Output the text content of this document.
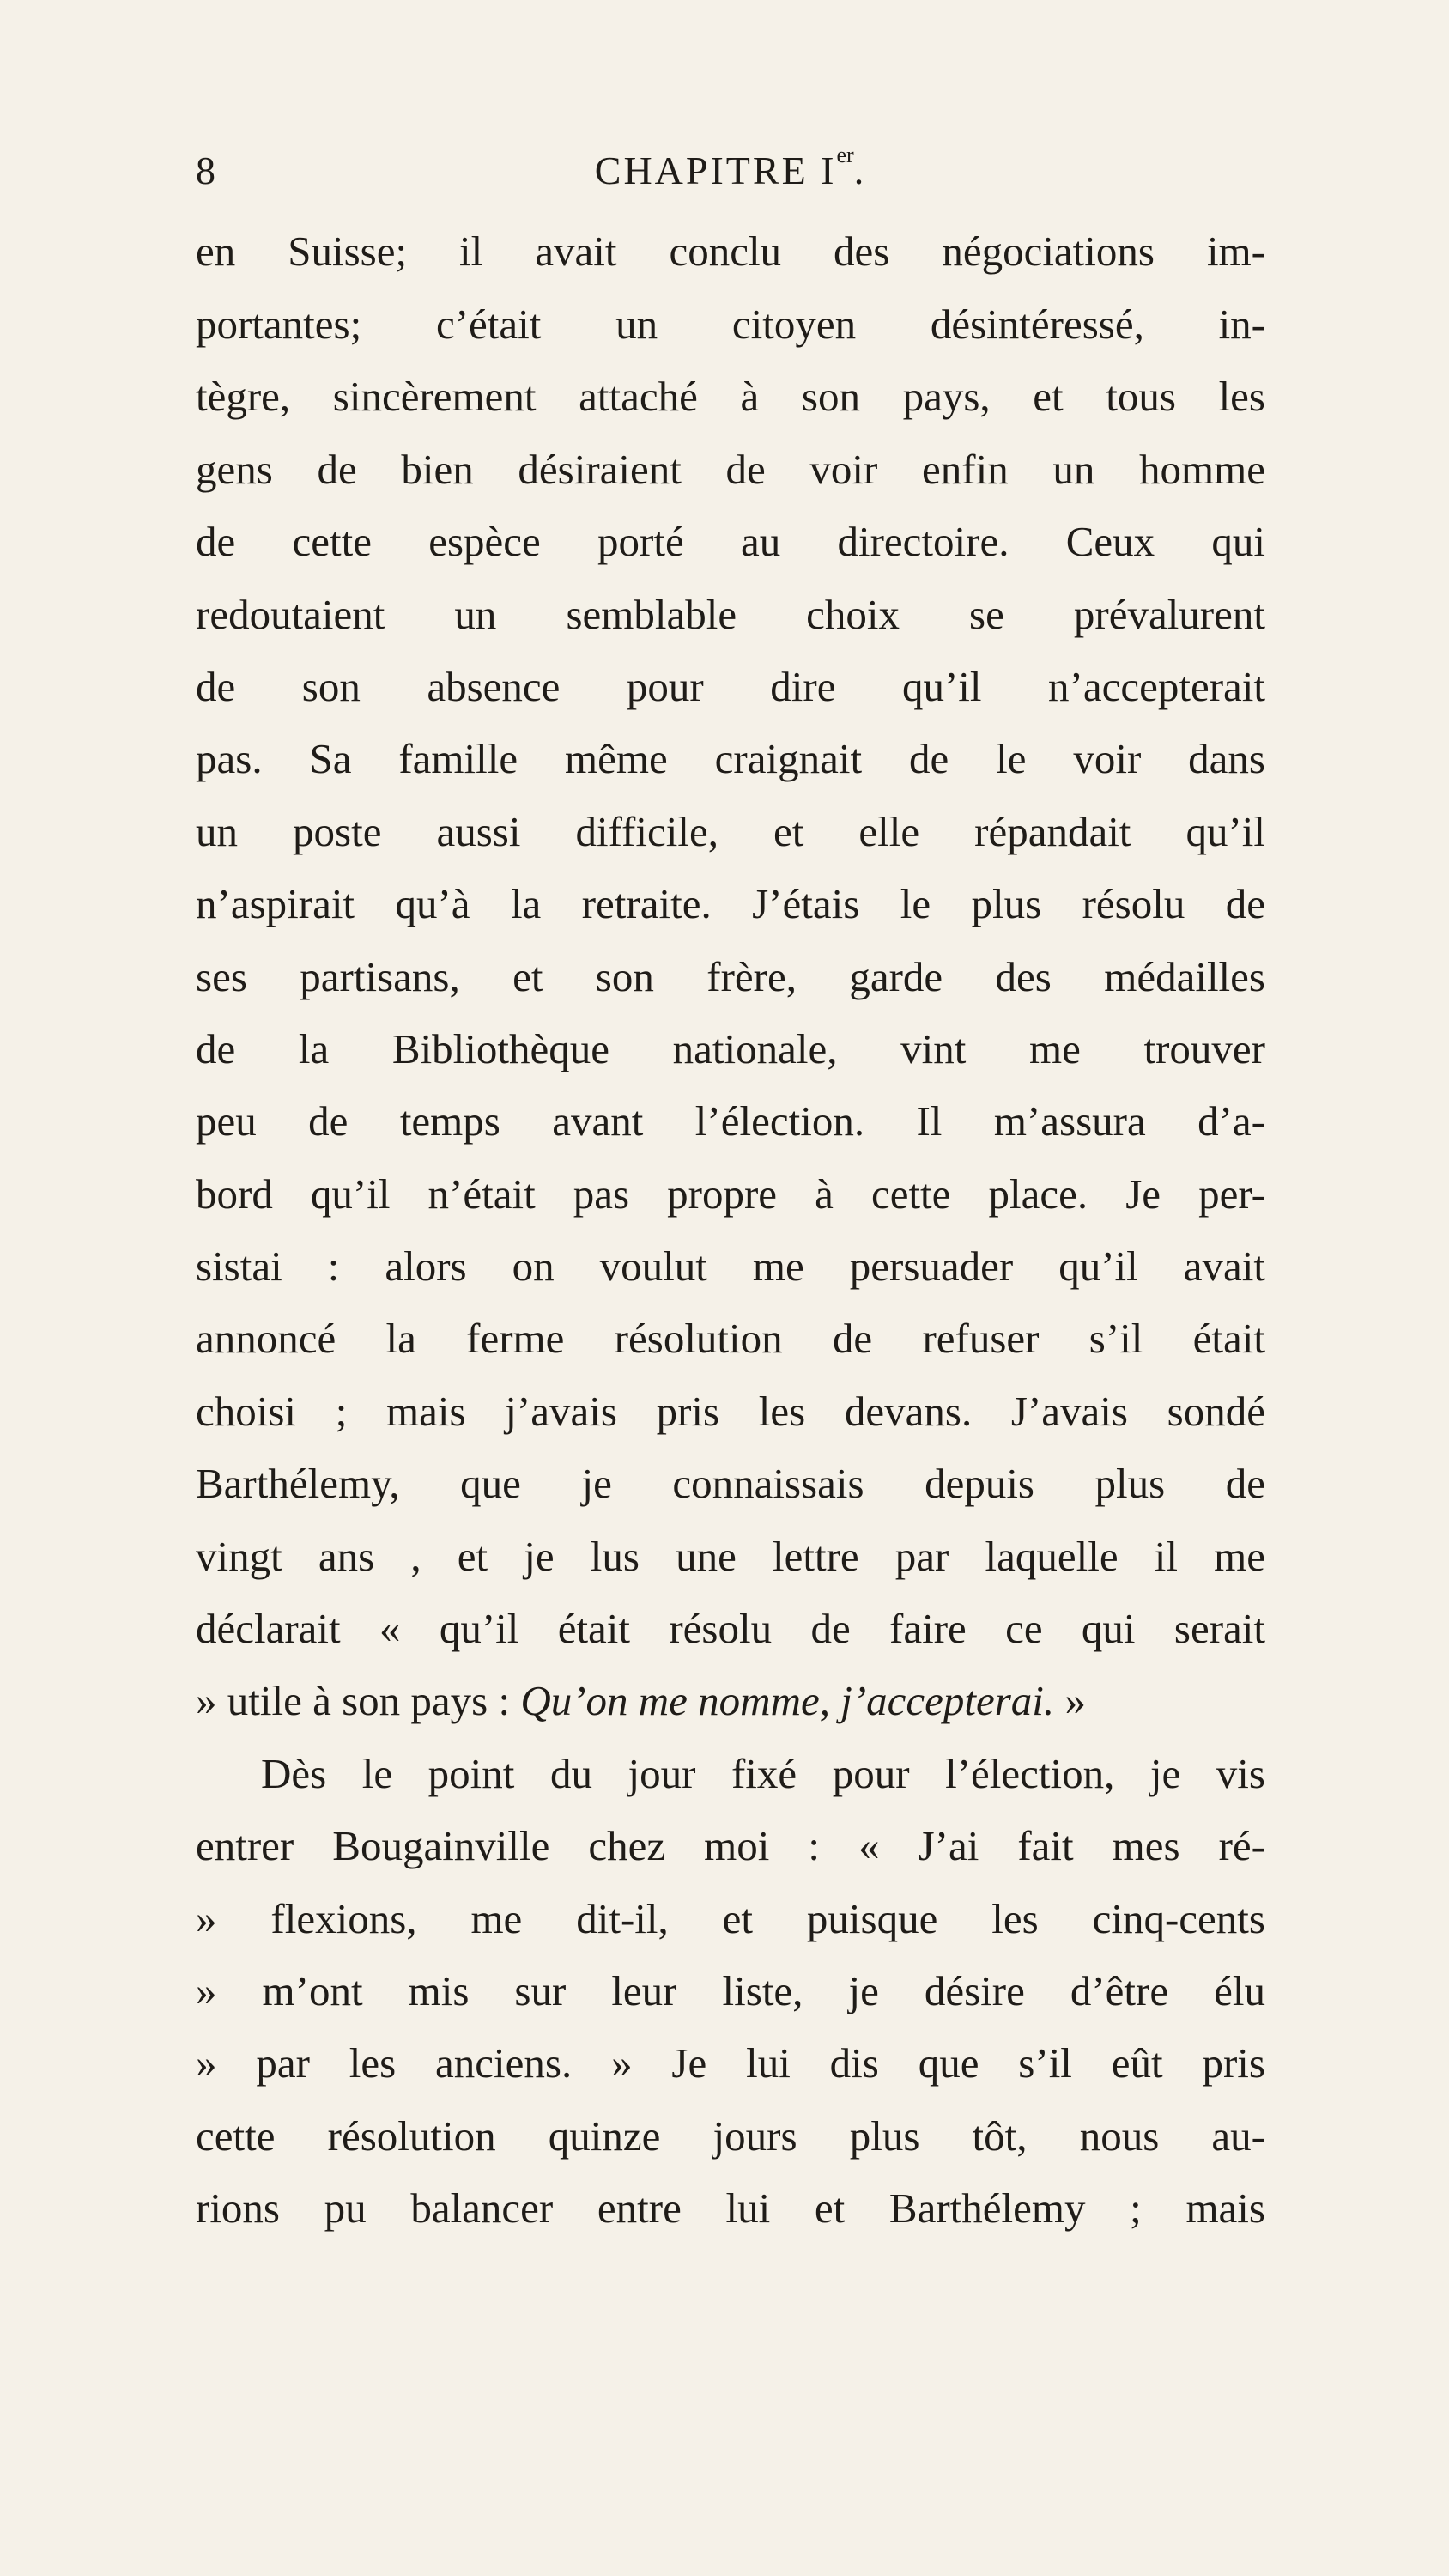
8	CHAPITRE Ier.
en Suisse; il avait conclu des négociations im-
portantes; c’était un citoyen désintéressé, in-
tègre, sincèrement attaché à son pays, et tous les
gens de bien désiraient de voir enfin un homme
de cette espèce porté au directoire. Ceux qui
redoutaient un semblable choix se prévalurent
de son absence pour dire qu’il n’accepterait
pas. Sa famille même craignait de le voir dans
un poste aussi difficile, et elle répandait qu’il
n’aspirait qu’à la retraite. J’étais le plus résolu de
ses partisans, et son frère, garde des médailles
de la Bibliothèque nationale, vint me trouver
peu de temps avant l’élection. Il m’assura d’a-
bord qu’il n’était pas propre à cette place. Je per-
sistai : alors on voulut me persuader qu’il avait
annoncé la ferme résolution de refuser s’il était
choisi ; mais j’avais pris les devans. J’avais sondé
Barthélemy, que je connaissais depuis plus de
vingt ans , et je lus une lettre par laquelle il me
déclarait « qu’il était résolu de faire ce qui serait
» utile à son pays : Qu’on me nomme, j’accepterai. »
Dès le point du jour fixé pour l’élection, je vis
entrer Bougainville chez moi : « J’ai fait mes ré-
» flexions, me dit-il, et puisque les cinq-cents
» m’ont mis sur leur liste, je désire d’être élu
» par les anciens. » Je lui dis que s’il eût pris
cette résolution quinze jours plus tôt, nous au-
rions pu balancer entre lui et Barthélemy ; mais
